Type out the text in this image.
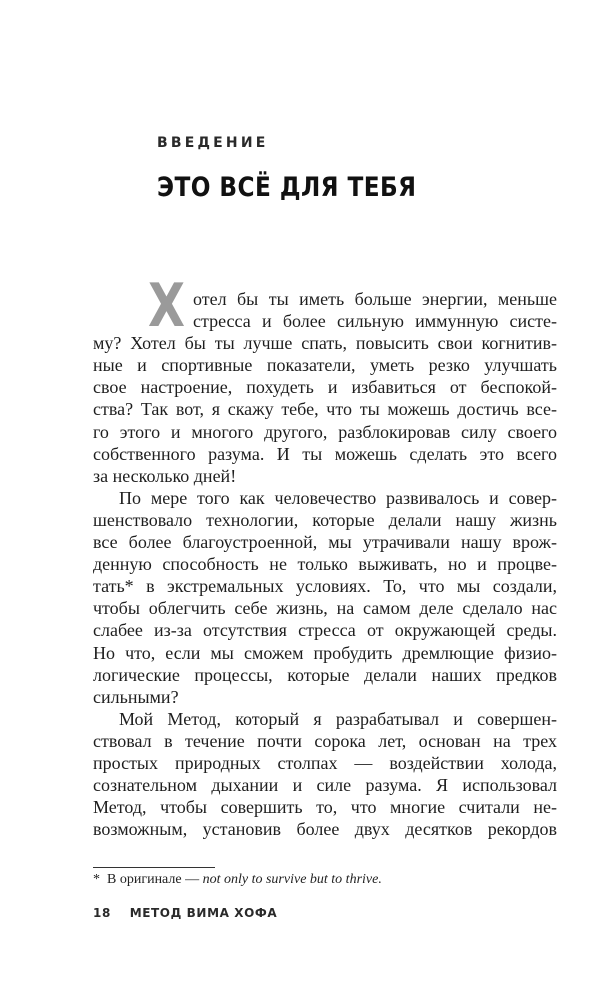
ВВЕДЕНИЕ
ЭТО ВСЁ ДЛЯ ТЕБЯ
Х отел бы ты иметь больше энергии, меньше
стресса и более сильную иммунную систе-
му? Хотел бы ты лучше спать, повысить свои когнитив-
ные и спортивные показатели, уметь резко улучшать
свое настроение, похудеть и избавиться от беспокой-
ства? Так вот, я скажу тебе, что ты можешь достичь все-
го этого и многого другого, разблокировав силу своего
собственного разума. И ты можешь сделать это всего
за несколько дней!
По мере того как человечество развивалось и совер-
шенствовало технологии, которые делали нашу жизнь
все более благоустроенной, мы утрачивали нашу врож-
денную способность не только выживать, но и процве-
тать* в экстремальных условиях. То, что мы создали,
чтобы облегчить себе жизнь, на самом деле сделало нас
слабее из-за отсутствия стресса от окружающей среды.
Но что, если мы сможем пробудить дремлющие физио-
логические процессы, которые делали наших предков
сильными?
Мой Метод, который я разрабатывал и совершен-
ствовал в течение почти сорока лет, основан на трех
простых природных столпах — воздействии холода,
сознательном дыхании и силе разума. Я использовал
Метод, чтобы совершить то, что многие считали не-
возможным, установив более двух десятков рекордов
* В оригинале — not only to survive but to thrive.
18 МЕТОД ВИМА ХОФА
